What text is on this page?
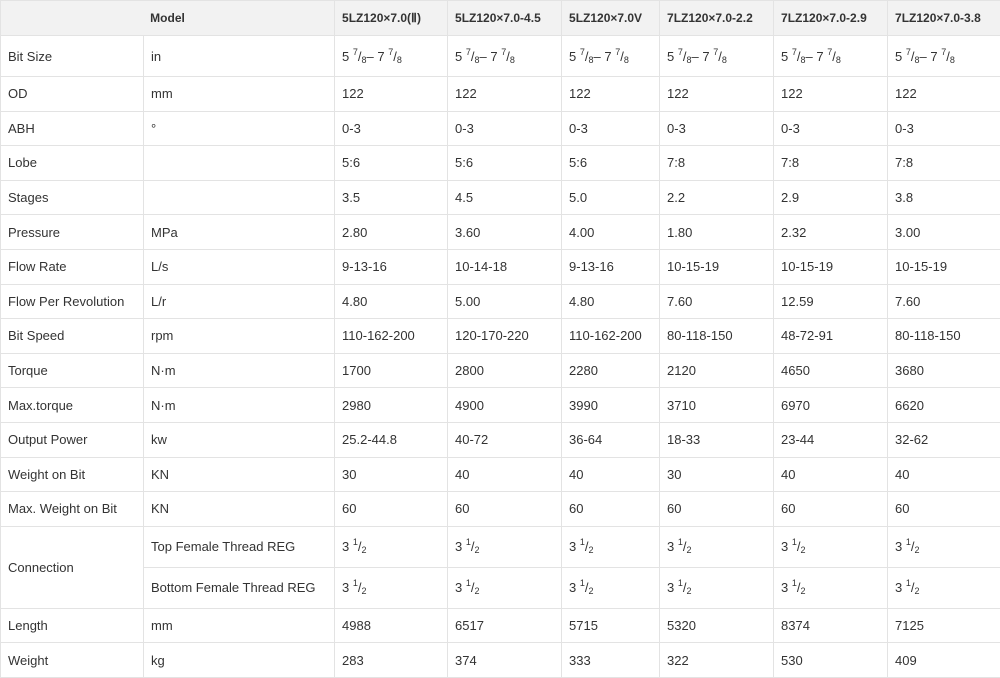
Model		5LZ120×7.0(Ⅱ)	5LZ120×7.0-4.5	5LZ120×7.0V	7LZ120×7.0-2.2	7LZ120×7.0-2.9	7LZ120×7.0-3.8
Bit Size	in	5 $^7/_8-$ 7 $^7/_8$	5 $^7/_8-$ 7 $^7/_8$	5 $^7/_8-$ 7 $^7/_8$	5 $^7/_8-$ 7 $^7/_8$	5 $^7/_8-$ 7 $^7/_8$	5 $^7/_8-$ 7 $^7/_8$
OD	mm	122	122	122	122	122	122
ABH	°	0-3	0-3	0-3	0-3	0-3	0-3
Lobe		5:6	5:6	5:6	7:8	7:8	7:8
Stages		3.5	4.5	5.0	2.2	2.9	3.8
Pressure	MPa	2.80	3.60	4.00	1.80	2.32	3.00
Flow Rate	L/s	9-13-16	10-14-18	9-13-16	10-15-19	10-15-19	10-15-19
Flow Per Revolution	L/r	4.80	5.00	4.80	7.60	12.59	7.60
Bit Speed	rpm	110-162-200	120-170-220	110-162-200	80-118-150	48-72-91	80-118-150
Torque	N·m	1700	2800	2280	2120	4650	3680
Max.torque	N·m	2980	4900	3990	3710	6970	6620
Output Power	kw	25.2-44.8	40-72	36-64	18-33	23-44	32-62
Weight on Bit	KN	30	40	40	30	40	40
Max. Weight on Bit	KN	60	60	60	60	60	60
Connection	Top Female Thread REG	3 $^1/_2$	3 $^1/_2$	3 $^1/_2$	3 $^1/_2$	3 $^1/_2$	3 $^1/_2$
	Bottom Female Thread REG	3 $^1/_2$	3 $^1/_2$	3 $^1/_2$	3 $^1/_2$	3 $^1/_2$	3 $^1/_2$
Length	mm	4988	6517	5715	5320	8374	7125
Weight	kg	283	374	333	322	530	409
